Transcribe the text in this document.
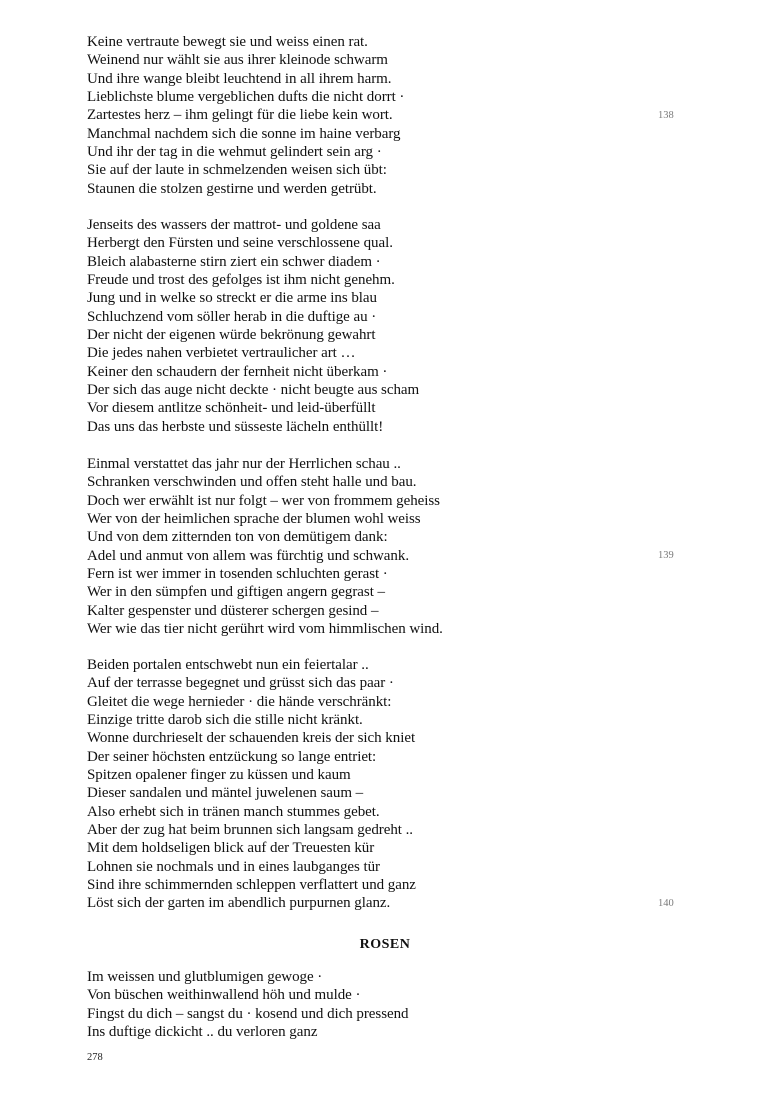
Keine vertraute bewegt sie und weiss einen rat.
Weinend nur wählt sie aus ihrer kleinode schwarm
Und ihre wange bleibt leuchtend in all ihrem harm.
Lieblichste blume vergeblichen dufts die nicht dorrt ·
Zartestes herz – ihm gelingt für die liebe kein wort.
Manchmal nachdem sich die sonne im haine verbarg
Und ihr der tag in die wehmut gelindert sein arg ·
Sie auf der laute in schmelzenden weisen sich übt:
Staunen die stolzen gestirne und werden getrübt.
Jenseits des wassers der mattrot- und goldene saa
Herbergt den Fürsten und seine verschlossene qual.
Bleich alabasterne stirn ziert ein schwer diadem ·
Freude und trost des gefolges ist ihm nicht genehm.
Jung und in welke so streckt er die arme ins blau
Schluchzend vom söller herab in die duftige au ·
Der nicht der eigenen würde bekrönung gewahrt
Die jedes nahen verbietet vertraulicher art …
Keiner den schaudern der fernheit nicht überkam ·
Der sich das auge nicht deckte · nicht beugte aus scham
Vor diesem antlitze schönheit- und leid-überfüllt
Das uns das herbste und süsseste lächeln enthüllt!
Einmal verstattet das jahr nur der Herrlichen schau ..
Schranken verschwinden und offen steht halle und bau.
Doch wer erwählt ist nur folgt – wer von frommem geheiss
Wer von der heimlichen sprache der blumen wohl weiss
Und von dem zitternden ton von demütigem dank:
Adel und anmut von allem was fürchtig und schwank.
Fern ist wer immer in tosenden schluchten gerast ·
Wer in den sümpfen und giftigen angern gegrast –
Kalter gespenster und düsterer schergen gesind –
Wer wie das tier nicht gerührt wird vom himmlischen wind.
Beiden portalen entschwebt nun ein feiertalar ..
Auf der terrasse begegnet und grüsst sich das paar ·
Gleitet die wege hernieder · die hände verschränkt:
Einzige tritte darob sich die stille nicht kränkt.
Wonne durchrieselt der schauenden kreis der sich kniet
Der seiner höchsten entzückung so lange entriet:
Spitzen opalener finger zu küssen und kaum
Dieser sandalen und mäntel juwelenen saum –
Also erhebt sich in tränen manch stummes gebet.
Aber der zug hat beim brunnen sich langsam gedreht ..
Mit dem holdseligen blick auf der Treuesten kür
Lohnen sie nochmals und in eines laubganges tür
Sind ihre schimmernden schleppen verflattert und ganz
Löst sich der garten im abendlich purpurnen glanz.
138
139
140
ROSEN
Im weissen und glutblumigen gewoge ·
Von büschen weithinwallend höh und mulde ·
Fingst du dich – sangst du · kosend und dich pressend
Ins duftige dickicht .. du verloren ganz
278
